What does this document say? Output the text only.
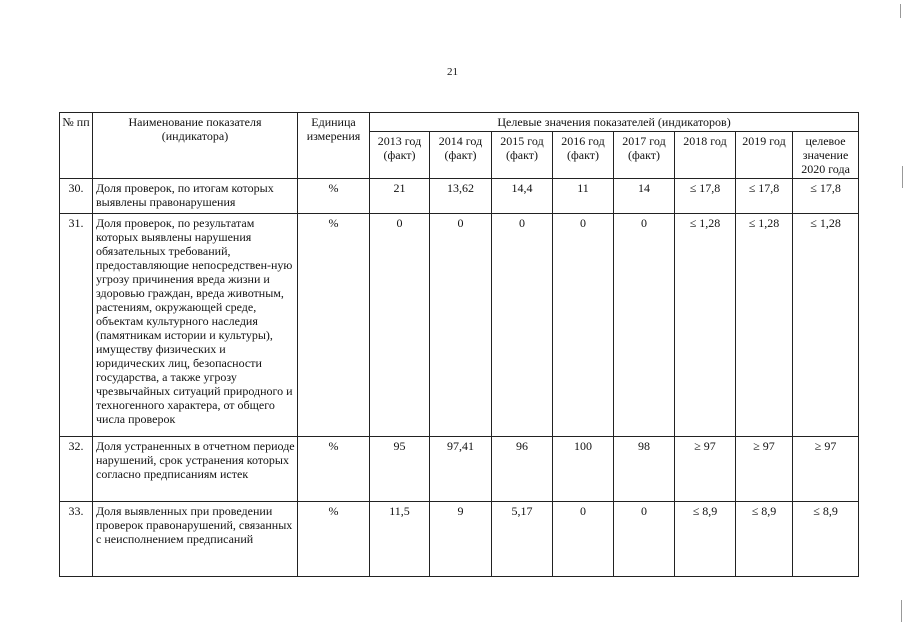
21
№ пп	Наименование показателя (индикатора)	Единица измерения	Целевые значения показателей (индикаторов)							
			2013 год (факт)	2014 год (факт)	2015 год (факт)	2016 год (факт)	2017 год (факт)	2018 год	2019 год	целевое значение 2020 года
30.	Доля проверок, по итогам которых выявлены правонарушения	%	21	13,62	14,4	11	14	≤ 17,8	≤ 17,8	≤ 17,8
31.	Доля проверок, по результатам которых выявлены нарушения обязательных требований, предоставляющие непосредствен-ную угрозу причинения вреда жизни и здоровью граждан, вреда животным, растениям, окружающей среде, объектам культурного наследия (памятникам истории и культуры), имуществу физических и юридических лиц, безопасности государства, а также угрозу чрезвычайных ситуаций природного и техногенного характера, от общего числа проверок	%	0	0	0	0	0	≤ 1,28	≤ 1,28	≤ 1,28
32.	Доля устраненных в отчетном периоде нарушений, срок устранения которых согласно предписаниям истек	%	95	97,41	96	100	98	≥ 97	≥ 97	≥ 97
33.	Доля выявленных при проведении проверок правонарушений, связанных с неисполнением предписаний	%	11,5	9	5,17	0	0	≤ 8,9	≤ 8,9	≤ 8,9
